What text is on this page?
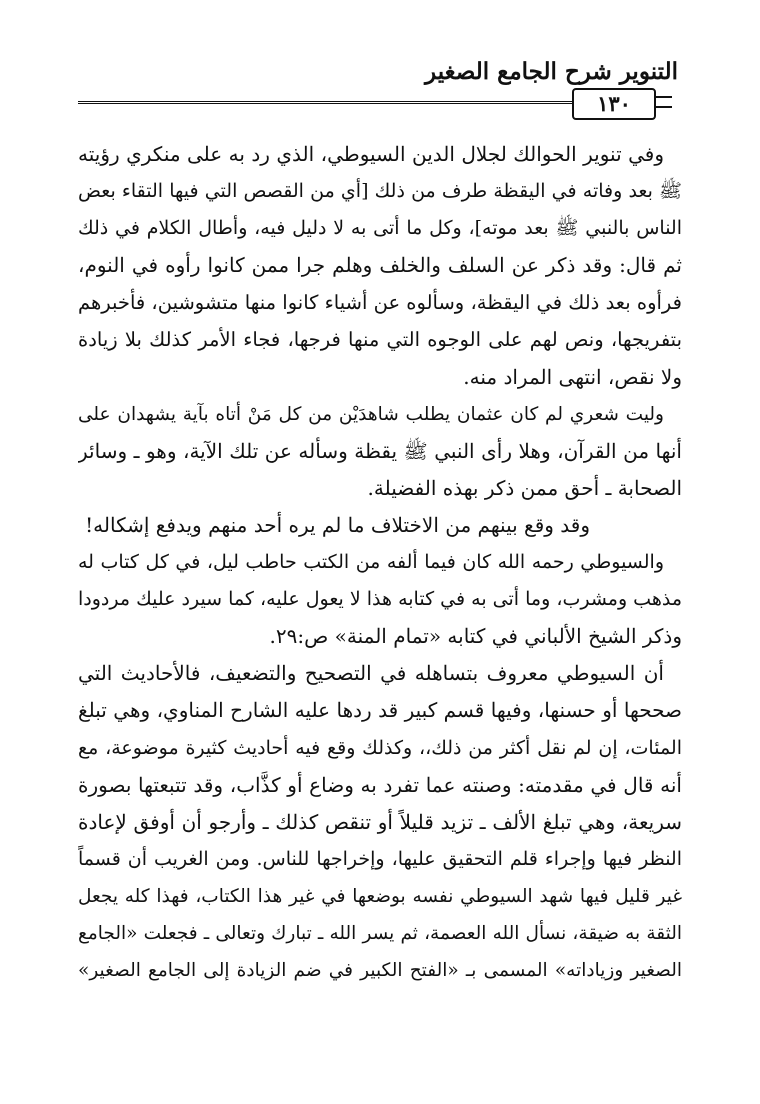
التنوير شرح الجامع الصغير
١٣٠
وفي تنوير الحوالك لجلال الدين السيوطي، الذي رد به على منكري رؤيته
ﷺ بعد وفاته في اليقظة طرف من ذلك [أي من القصص التي فيها التقاء بعض
الناس بالنبي ﷺ بعد موته]، وكل ما أتى به لا دليل فيه، وأطال الكلام في ذلك
ثم قال: وقد ذكر عن السلف والخلف وهلم جرا ممن كانوا رأوه في النوم،
فرأوه بعد ذلك في اليقظة، وسألوه عن أشياء كانوا منها متشوشين، فأخبرهم
بتفريجها، ونص لهم على الوجوه التي منها فرجها، فجاء الأمر كذلك بلا زيادة
ولا نقص، انتهى المراد منه.
وليت شعري لم كان عثمان يطلب شاهدَيْن من كل مَنْ أتاه بآية يشهدان على
أنها من القرآن، وهلا رأى النبي ﷺ يقظة وسأله عن تلك الآية، وهو ـ وسائر
الصحابة ـ أحق ممن ذكر بهذه الفضيلة.
وقد وقع بينهم من الاختلاف ما لم يره أحد منهم ويدفع إشكاله!
والسيوطي رحمه الله كان فيما ألفه من الكتب حاطب ليل، في كل كتاب له
مذهب ومشرب، وما أتى به في كتابه هذا لا يعول عليه، كما سيرد عليك مردودا
وذكر الشيخ الألباني في كتابه «تمام المنة» ص:٢٩.
أن السيوطي معروف بتساهله في التصحيح والتضعيف، فالأحاديث التي
صححها أو حسنها، وفيها قسم كبير قد ردها عليه الشارح المناوي، وهي تبلغ
المئات، إن لم نقل أكثر من ذلك،، وكذلك وقع فيه أحاديث كثيرة موضوعة، مع
أنه قال في مقدمته: وصنته عما تفرد به وضاع أو كذَّاب، وقد تتبعتها بصورة
سريعة، وهي تبلغ الألف ـ تزيد قليلاً أو تنقص كذلك ـ وأرجو أن أوفق لإعادة
النظر فيها وإجراء قلم التحقيق عليها، وإخراجها للناس. ومن الغريب أن قسماً
غير قليل فيها شهد السيوطي نفسه بوضعها في غير هذا الكتاب، فهذا كله يجعل
الثقة به ضيقة، نسأل الله العصمة، ثم يسر الله ـ تبارك وتعالى ـ فجعلت «الجامع
الصغير وزياداته» المسمى بـ «الفتح الكبير في ضم الزيادة إلى الجامع الصغير»
